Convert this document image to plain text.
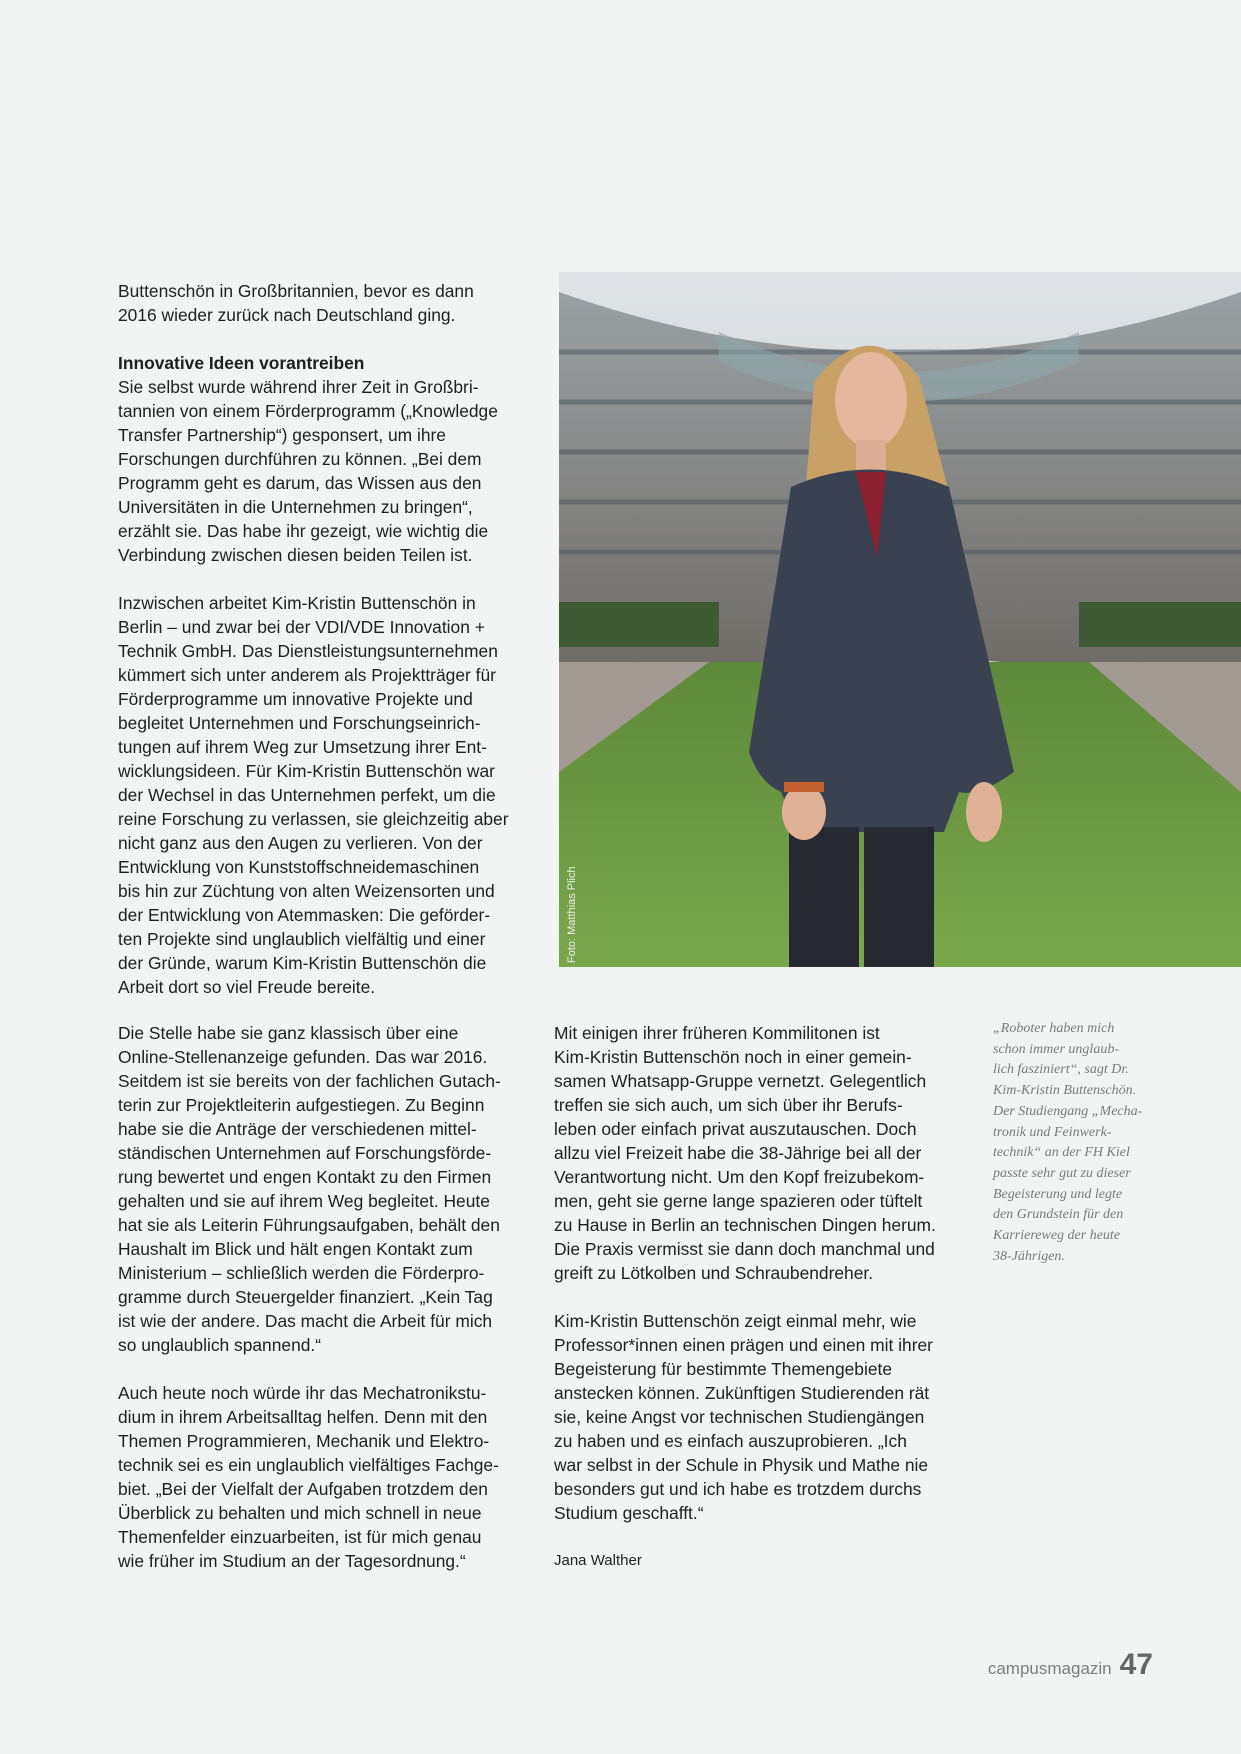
Buttenschön in Großbritannien, bevor es dann
2016 wieder zurück nach Deutschland ging.

Innovative Ideen vorantreiben

Sie selbst wurde während ihrer Zeit in Großbri-
tannien von einem Förderprogramm („Knowledge
Transfer Partnership“) gesponsert, um ihre
Forschungen durchführen zu können. „Bei dem
Programm geht es darum, das Wissen aus den
Universitäten in die Unternehmen zu bringen“,
erzählt sie. Das habe ihr gezeigt, wie wichtig die
Verbindung zwischen diesen beiden Teilen ist.

Inzwischen arbeitet Kim-Kristin Buttenschön in
Berlin – und zwar bei der VDI/VDE Innovation +
Technik GmbH. Das Dienstleistungsunternehmen
kümmert sich unter anderem als Projektträger für
Förderprogramme um innovative Projekte und
begleitet Unternehmen und Forschungseinrich-
tungen auf ihrem Weg zur Umsetzung ihrer Ent-
wicklungsideen. Für Kim-Kristin Buttenschön war
der Wechsel in das Unternehmen perfekt, um die
reine Forschung zu verlassen, sie gleichzeitig aber
nicht ganz aus den Augen zu verlieren. Von der
Entwicklung von Kunststoffschneidemaschinen
bis hin zur Züchtung von alten Weizensorten und
der Entwicklung von Atemmasken: Die geförder-
ten Projekte sind unglaublich vielfältig und einer
der Gründe, warum Kim-Kristin Buttenschön die
Arbeit dort so viel Freude bereite.

Foto: Matthias Plich

Die Stelle habe sie ganz klassisch über eine
Online-Stellenanzeige gefunden. Das war 2016.
Seitdem ist sie bereits von der fachlichen Gutach-
terin zur Projektleiterin aufgestiegen. Zu Beginn
habe sie die Anträge der verschiedenen mittel-
ständischen Unternehmen auf Forschungsförde-
rung bewertet und engen Kontakt zu den Firmen
gehalten und sie auf ihrem Weg begleitet. Heute
hat sie als Leiterin Führungsaufgaben, behält den
Haushalt im Blick und hält engen Kontakt zum
Ministerium – schließlich werden die Förderpro-
gramme durch Steuergelder finanziert. „Kein Tag
ist wie der andere. Das macht die Arbeit für mich
so unglaublich spannend.“

Auch heute noch würde ihr das Mechatronikstu-
dium in ihrem Arbeitsalltag helfen. Denn mit den
Themen Programmieren, Mechanik und Elektro-
technik sei es ein unglaublich vielfältiges Fachge-
biet. „Bei der Vielfalt der Aufgaben trotzdem den
Überblick zu behalten und mich schnell in neue
Themenfelder einzuarbeiten, ist für mich genau
wie früher im Studium an der Tagesordnung.“

Mit einigen ihrer früheren Kommilitonen ist
Kim-Kristin Buttenschön noch in einer gemein-
samen Whatsapp-Gruppe vernetzt. Gelegentlich
treffen sie sich auch, um sich über ihr Berufs-
leben oder einfach privat auszutauschen. Doch
allzu viel Freizeit habe die 38-Jährige bei all der
Verantwortung nicht. Um den Kopf freizubekom-
men, geht sie gerne lange spazieren oder tüftelt
zu Hause in Berlin an technischen Dingen herum.
Die Praxis vermisst sie dann doch manchmal und
greift zu Lötkolben und Schraubendreher.

Kim-Kristin Buttenschön zeigt einmal mehr, wie
Professor*innen einen prägen und einen mit ihrer
Begeisterung für bestimmte Themengebiete
anstecken können. Zukünftigen Studierenden rät
sie, keine Angst vor technischen Studiengängen
zu haben und es einfach auszuprobieren. „Ich
war selbst in der Schule in Physik und Mathe nie
besonders gut und ich habe es trotzdem durchs
Studium geschafft.“

Jana Walther
„Roboter haben mich
schon immer unglaub-
lich fasziniert“, sagt Dr.
Kim-Kristin Buttenschön.
Der Studiengang „Mecha-
tronik und Feinwerk-
technik“ an der FH Kiel
passte sehr gut zu dieser
Begeisterung und legte
den Grundstein für den
Karriereweg der heute
38-Jährigen.
campusmagazin 47
